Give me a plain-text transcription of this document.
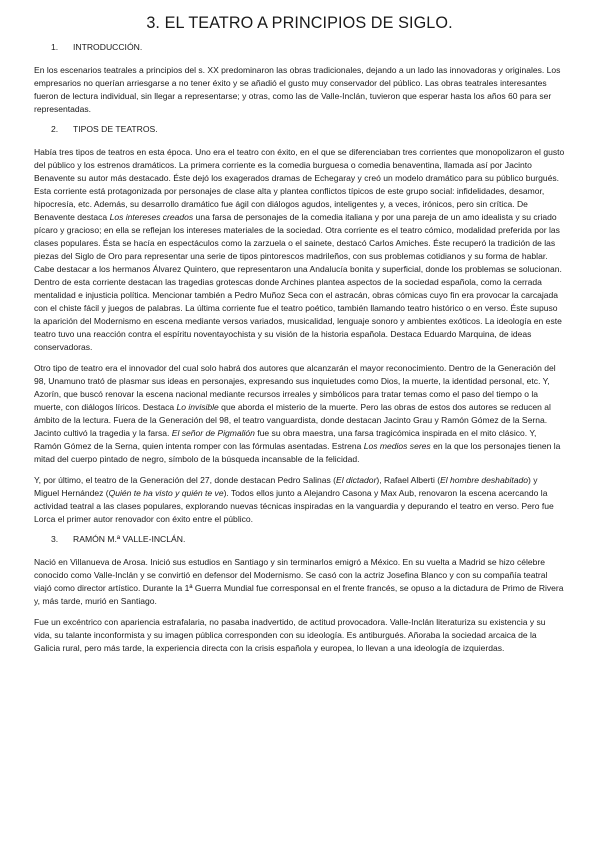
3. EL TEATRO A PRINCIPIOS DE SIGLO.
1. INTRODUCCIÓN.

En los escenarios teatrales a principios del s. XX predominaron las obras tradicionales, dejando a un lado las innovadoras y originales. Los empresarios no querían arriesgarse a no tener éxito y se añadió el gusto muy conservador del público. Las obras teatrales interesantes fueron de lectura individual, sin llegar a representarse; y otras, como las de Valle-Inclán, tuvieron que esperar hasta los años 60 para ser representadas.

2. TIPOS DE TEATROS.

Había tres tipos de teatros en esta época. Uno era el teatro con éxito, en el que se diferenciaban tres corrientes que monopolizaron el gusto del público y los estrenos dramáticos. La primera corriente es la comedia burguesa o comedia benaventina, llamada así por Jacinto Benavente su autor más destacado. Éste dejó los exagerados dramas de Echegaray y creó un modelo dramático para su público burgués. Esta corriente está protagonizada por personajes de clase alta y plantea conflictos típicos de este grupo social: infidelidades, desamor, hipocresía, etc. Además, su desarrollo dramático fue ágil con diálogos agudos, inteligentes y, a veces, irónicos, pero sin crítica. De Benavente destaca Los intereses creados una farsa de personajes de la comedia italiana y por una pareja de un amo idealista y su criado pícaro y gracioso; en ella se reflejan los intereses materiales de la sociedad. Otra corriente es el teatro cómico, modalidad preferida por las clases populares. Ésta se hacía en espectáculos como la zarzuela o el sainete, destacó Carlos Amiches. Éste recuperó la tradición de las piezas del Siglo de Oro para representar una serie de tipos pintorescos madrileños, con sus problemas cotidianos y su forma de hablar. Cabe destacar a los hermanos Álvarez Quintero, que representaron una Andalucía bonita y superficial, donde los problemas se solucionan. Dentro de esta corriente destacan las tragedias grotescas donde Archines plantea aspectos de la sociedad española, como la cerrada mentalidad e injusticia política. Mencionar también a Pedro Muñoz Seca con el astracán, obras cómicas cuyo fin era provocar la carcajada con el chiste fácil y juegos de palabras. La última corriente fue el teatro poético, también llamando teatro histórico o en verso. Éste supuso la aparición del Modernismo en escena mediante versos variados, musicalidad, lenguaje sonoro y ambientes exóticos. La ideología en este teatro tuvo una reacción contra el espíritu noventayochista y su visión de la historia española. Destaca Eduardo Marquina, de ideas conservadoras.

Otro tipo de teatro era el innovador del cual solo habrá dos autores que alcanzarán el mayor reconocimiento. Dentro de la Generación del 98, Unamuno trató de plasmar sus ideas en personajes, expresando sus inquietudes como Dios, la muerte, la identidad personal, etc. Y, Azorín, que buscó renovar la escena nacional mediante recursos irreales y simbólicos para tratar temas como el paso del tiempo o la muerte, con diálogos líricos. Destaca Lo invisible que aborda el misterio de la muerte. Pero las obras de estos dos autores se reducen al ámbito de la lectura. Fuera de la Generación del 98, el teatro vanguardista, donde destacan Jacinto Grau y Ramón Gómez de la Serna. Jacinto cultivó la tragedia y la farsa. El señor de Pigmalión fue su obra maestra, una farsa tragicómica inspirada en el mito clásico. Y, Ramón Gómez de la Serna, quien intenta romper con las fórmulas asentadas. Estrena Los medios seres en la que los personajes tienen la mitad del cuerpo pintado de negro, símbolo de la búsqueda incansable de la felicidad.

Y, por último, el teatro de la Generación del 27, donde destacan Pedro Salinas (El dictador), Rafael Alberti (El hombre deshabitado) y Miguel Hernández (Quién te ha visto y quién te ve). Todos ellos junto a Alejandro Casona y Max Aub, renovaron la escena acercando la actividad teatral a las clases populares, explorando nuevas técnicas inspiradas en la vanguardia y depurando el teatro en verso. Pero fue Lorca el primer autor renovador con éxito entre el público.

3. RAMÓN M.ª VALLE-INCLÁN.

Nació en Villanueva de Arosa. Inició sus estudios en Santiago y sin terminarlos emigró a México. En su vuelta a Madrid se hizo célebre conocido como Valle-Inclán y se convirtió en defensor del Modernismo. Se casó con la actriz Josefina Blanco y con su compañía teatral viajó como director artístico. Durante la 1ª Guerra Mundial fue corresponsal en el frente francés, se opuso a la dictadura de Primo de Rivera y, más tarde, murió en Santiago.

Fue un excéntrico con apariencia estrafalaria, no pasaba inadvertido, de actitud provocadora. Valle-Inclán literaturiza su existencia y su vida, su talante inconformista y su imagen pública corresponden con su ideología. Es antiburgués. Añoraba la sociedad arcaica de la Galicia rural, pero más tarde, la experiencia directa con la crisis española y europea, lo llevan a una ideología de izquierdas.
